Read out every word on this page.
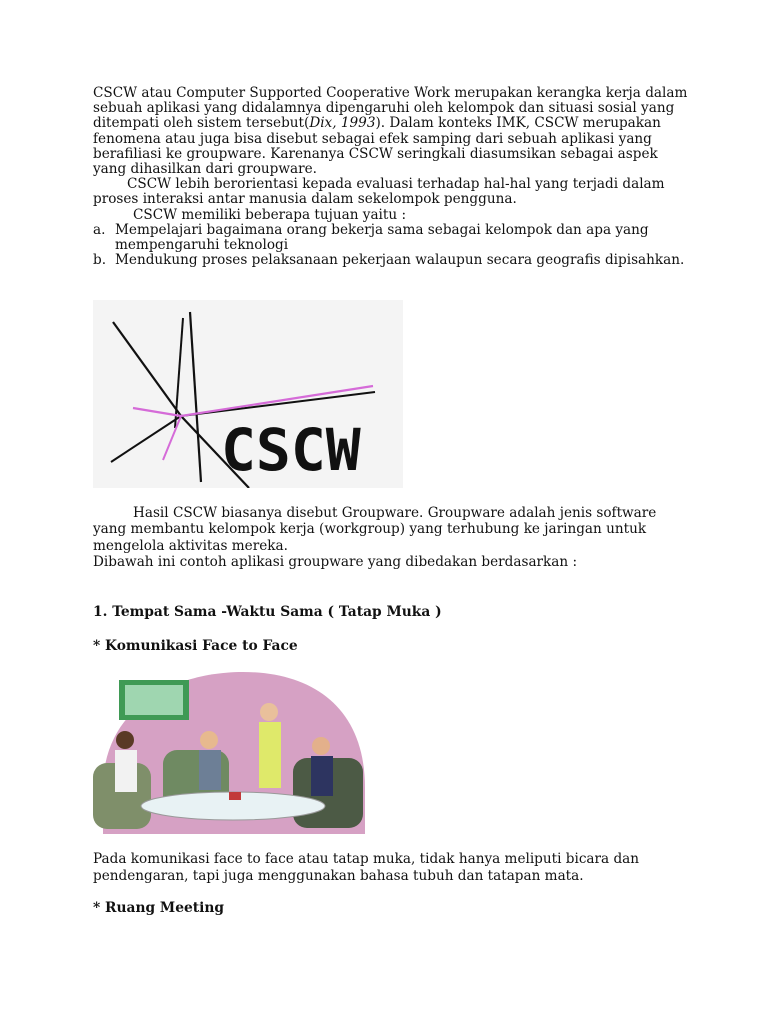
CSCW atau Computer Supported Cooperative Work merupakan kerangka kerja dalam sebuah aplikasi yang didalamnya dipengaruhi oleh kelompok dan situasi sosial yang ditempati oleh sistem tersebut(Dix, 1993). Dalam konteks IMK, CSCW merupakan fenomena atau juga bisa disebut sebagai efek samping dari sebuah aplikasi yang berafiliasi ke groupware. Karenanya CSCW seringkali diasumsikan sebagai aspek yang dihasilkan dari groupware.

CSCW lebih berorientasi kepada evaluasi terhadap hal-hal yang terjadi dalam proses interaksi antar manusia dalam sekelompok pengguna.

CSCW memiliki beberapa tujuan yaitu :

a. Mempelajari bagaimana orang bekerja sama sebagai kelompok dan apa yang mempengaruhi teknologi
b. Mendukung proses pelaksanaan pekerjaan walaupun secara geografis dipisahkan.
CSCW

Hasil CSCW biasanya disebut Groupware. Groupware adalah jenis software yang membantu kelompok kerja (workgroup) yang terhubung ke jaringan untuk mengelola aktivitas mereka.

Dibawah ini contoh aplikasi groupware yang dibedakan berdasarkan :

1. Tempat Sama -Waktu Sama ( Tatap Muka )
* Komunikasi Face to Face

Pada komunikasi face to face atau tatap muka, tidak hanya meliputi bicara dan pendengaran, tapi juga menggunakan bahasa tubuh dan tatapan mata.

* Ruang Meeting
